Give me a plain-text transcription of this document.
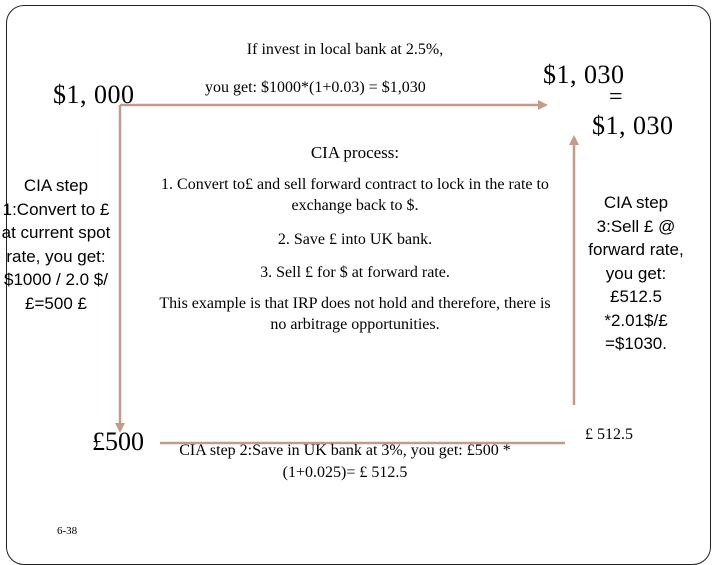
If invest in local bank at 2.5%,
$1, 000	you get: $1000*(1+0.03) = $1,030	$1, 030
=
$1, 030
CIA process:
CIA step 1:Convert to £ at current spot rate, you get: $1000 / 2.0 $/£=500 £
1. Convert to£ and sell forward contract to lock in the rate to exchange back to $.
2. Save £ into UK bank.
3. Sell £ for $ at forward rate.
This example is that IRP does not hold and therefore, there is no arbitrage opportunities.
CIA step 3:Sell £ @ forward rate, you get: £512.5 *2.01$/£ =$1030.
£500	CIA step 2:Save in UK bank at 3%, you get: £500 *(1+0.025)= £ 512.5
£ 512.5
6-38
